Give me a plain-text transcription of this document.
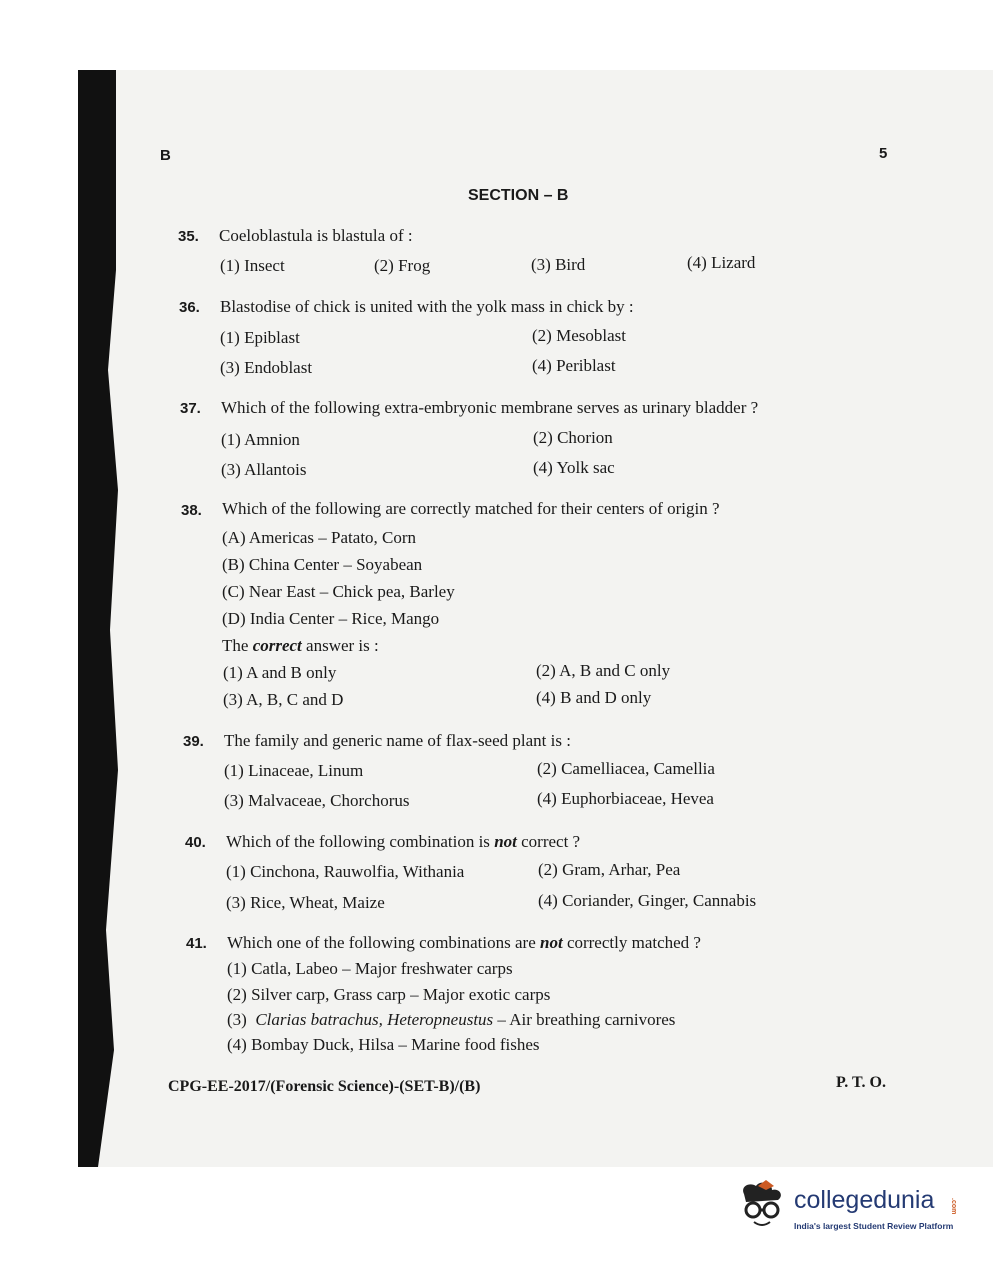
B	5
SECTION – B
35. Coeloblastula is blastula of :
(1) Insect	(2) Frog	(3) Bird	(4) Lizard
36. Blastodise of chick is united with the yolk mass in chick by :
(1) Epiblast	(2) Mesoblast
(3) Endoblast	(4) Periblast
37. Which of the following extra-embryonic membrane serves as urinary bladder ?
(1) Amnion	(2) Chorion
(3) Allantois	(4) Yolk sac
38. Which of the following are correctly matched for their centers of origin ?
(A) Americas – Patato, Corn
(B) China Center – Soyabean
(C) Near East – Chick pea, Barley
(D) India Center – Rice, Mango
The correct answer is :
(1) A and B only	(2) A, B and C only
(3) A, B, C and D	(4) B and D only
39. The family and generic name of flax-seed plant is :
(1) Linaceae, Linum	(2) Camelliacea, Camellia
(3) Malvaceae, Chorchorus	(4) Euphorbiaceae, Hevea
40. Which of the following combination is not correct ?
(1) Cinchona, Rauwolfia, Withania	(2) Gram, Arhar, Pea
(3) Rice, Wheat, Maize	(4) Coriander, Ginger, Cannabis
41. Which one of the following combinations are not correctly matched ?
(1) Catla, Labeo – Major freshwater carps
(2) Silver carp, Grass carp – Major exotic carps
(3) Clarias batrachus, Heteropneustus – Air breathing carnivores
(4) Bombay Duck, Hilsa – Marine food fishes
CPG-EE-2017/(Forensic Science)-(SET-B)/(B)	P. T. O.
collegedunia .com
India's largest Student Review Platform
